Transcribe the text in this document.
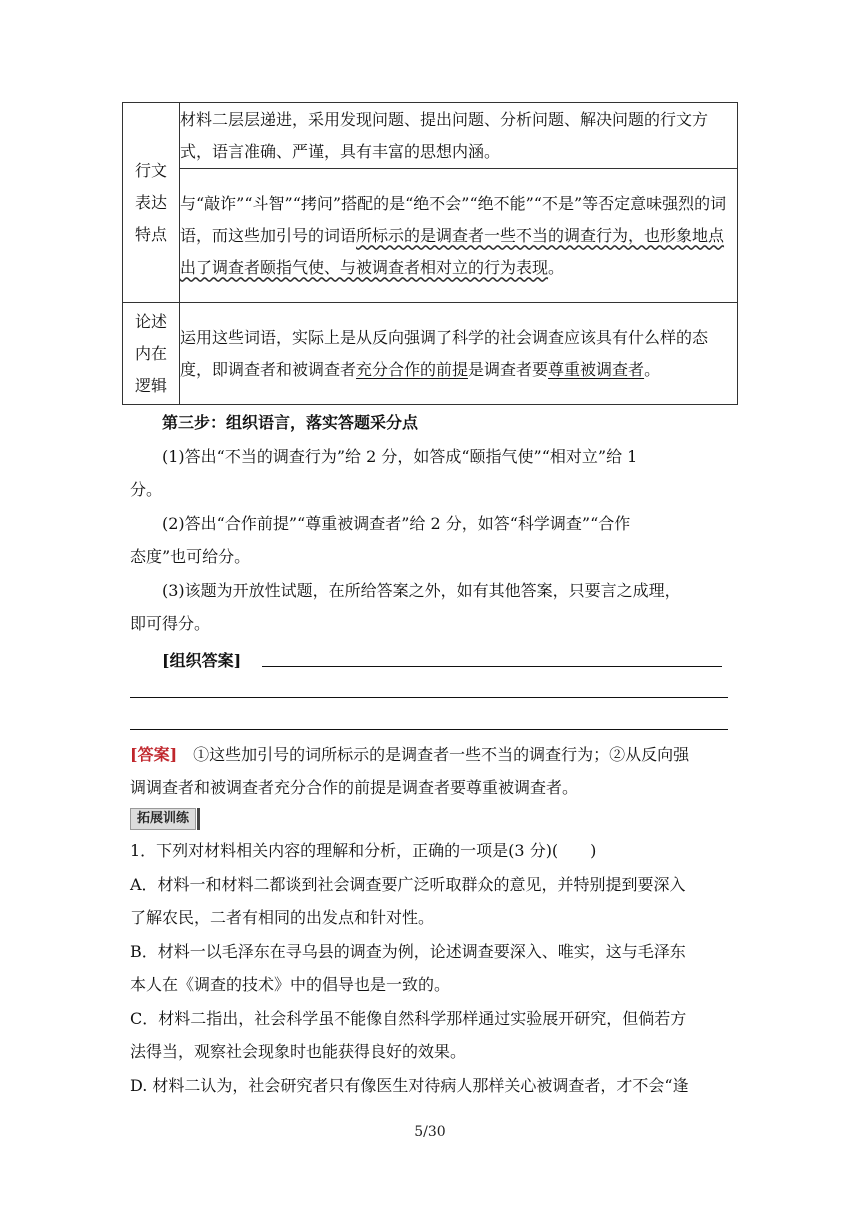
行文
表达
特点	材料二层层递进，采用发现问题、提出问题、分析问题、解决问题的行文方式，语言准确、严谨，具有丰富的思想内涵。
	与“敲诈”“斗智”“拷问”搭配的是“绝不会”“绝不能”“不是”等否定意味强烈的词语，而这些加引号的词语所标示的是调查者一些不当的调查行为，也形象地点出了调查者颐指气使、与被调查者相对立的行为表现。

论述
内在
逻辑	运用这些词语，实际上是从反向强调了科学的社会调查应该具有什么样的态度，即调查者和被调查者充分合作的前提是调查者要尊重被调查者。
第三步：组织语言，落实答题采分点
(1)答出“不当的调查行为”给 2 分，如答成“颐指气使”“相对立”给 1
分。
(2)答出“合作前提”“尊重被调查者”给 2 分，如答“科学调查”“合作
态度”也可给分。
(3)该题为开放性试题，在所给答案之外，如有其他答案，只要言之成理，
即可得分。
[组织答案]
[答案]　 ①这些加引号的词所标示的是调查者一些不当的调查行为；②从反向强
调调查者和被调查者充分合作的前提是调查者要尊重被调查者。
拓展训练
1．下列对材料相关内容的理解和分析，正确的一项是(3 分)(　　)
A．材料一和材料二都谈到社会调查要广泛听取群众的意见，并特别提到要深入
了解农民，二者有相同的出发点和针对性。
B．材料一以毛泽东在寻乌县的调查为例，论述调查要深入、唯实，这与毛泽东
本人在《调查的技术》中的倡导也是一致的。
C．材料二指出，社会科学虽不能像自然科学那样通过实验展开研究，但倘若方
法得当，观察社会现象时也能获得良好的效果。
D. 材料二认为，社会研究者只有像医生对待病人那样关心被调查者，才不会“逢
5/30
